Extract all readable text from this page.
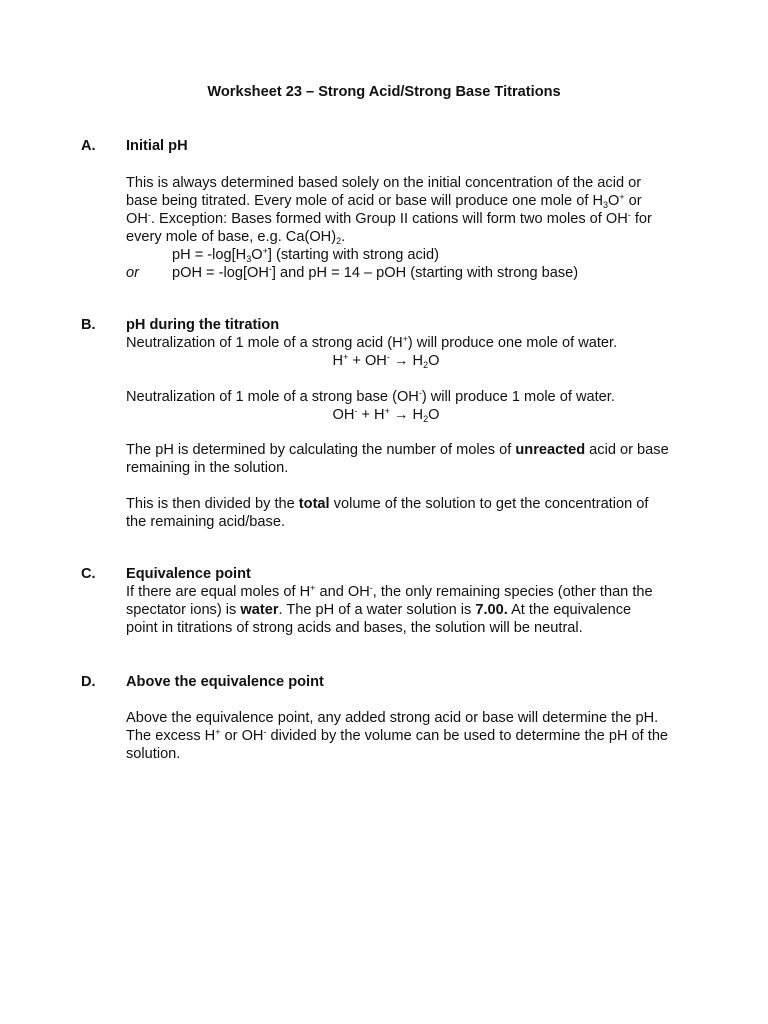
Worksheet 23 – Strong Acid/Strong Base Titrations
A. Initial pH
This is always determined based solely on the initial concentration of the acid or
base being titrated. Every mole of acid or base will produce one mole of $H_3O^+$ or
OH-. Exception: Bases formed with Group II cations will form two moles of OH- for
every mole of base, e.g. $Ca(OH)_2$.
pH = $-\log[H_3O^+]$ (starting with strong acid)
or pOH = -log[OH-] and pH = 14 – pOH (starting with strong base)
B. pH during the titration
Neutralization of 1 mole of a strong acid (H+) will produce one mole of water.
$H^+ + OH^- \to H_2O$
Neutralization of 1 mole of a strong base (OH-) will produce 1 mole of water.
$OH^- + H^+ \to H_2O$
The pH is determined by calculating the number of moles of unreacted acid or base
remaining in the solution.
This is then divided by the total volume of the solution to get the concentration of
the remaining acid/base.
C. Equivalence point
If there are equal moles of H+ and OH-, the only remaining species (other than the
spectator ions) is water. The pH of a water solution is 7.00. At the equivalence
point in titrations of strong acids and bases, the solution will be neutral.
D. Above the equivalence point
Above the equivalence point, any added strong acid or base will determine the pH.
The excess H+ or OH- divided by the volume can be used to determine the pH of the
solution.
